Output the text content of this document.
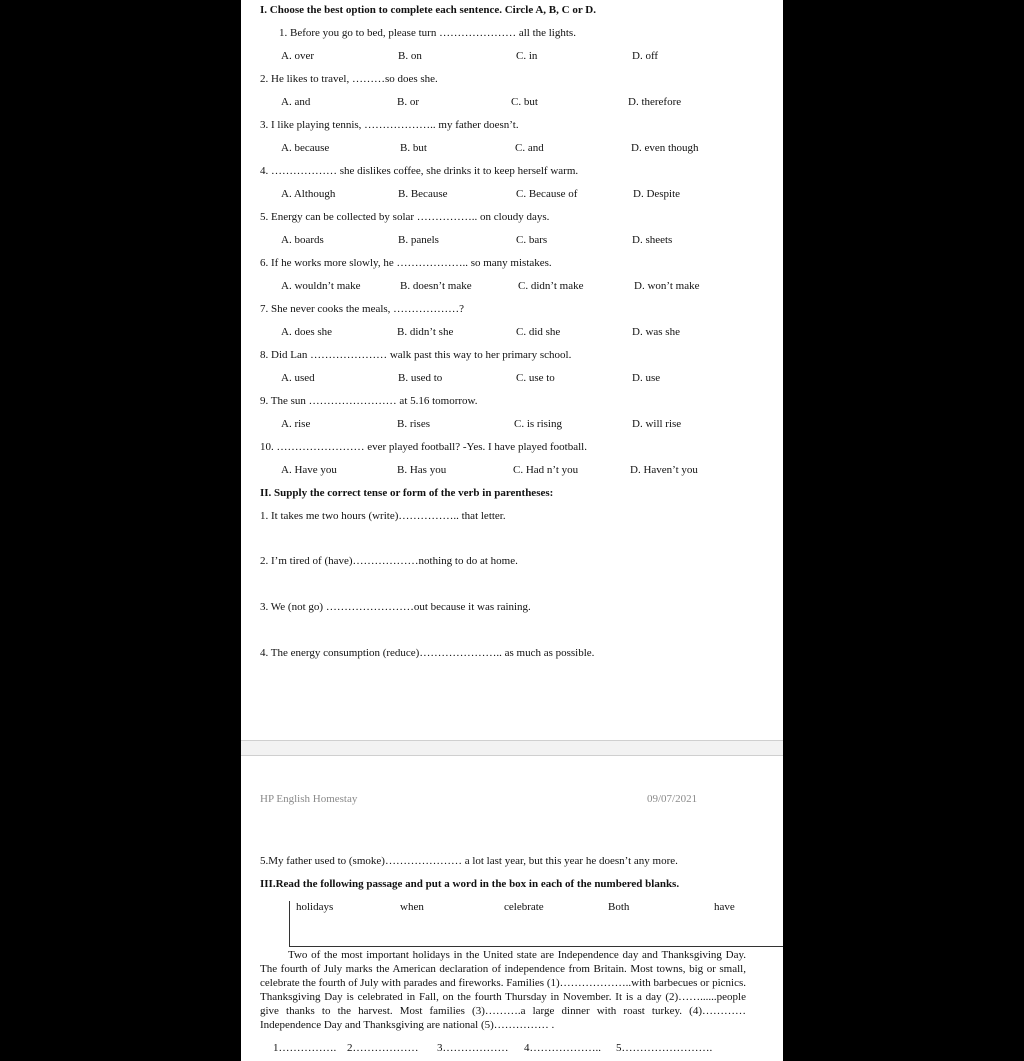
I. Choose the best option to complete each sentence. Circle A, B, C or D.
1. Before you go to bed, please turn ………………… all the lights.
A. over	B. on	C. in	D. off
2. He likes to travel, ………so does she.
A. and	B. or	C. but	D. therefore
3. I like playing tennis, ……………….. my father doesn’t.
A. because	B. but	C. and	D. even though
4. ……………… she dislikes coffee, she drinks it to keep herself warm.
A. Although	B. Because	C. Because of	D. Despite
5. Energy can be collected by solar …………….. on cloudy days.
A. boards	B. panels	C. bars	D. sheets
6. If he works more slowly, he ……………….. so many mistakes.
A. wouldn’t make	B. doesn’t make	C. didn’t make	D. won’t make
7. She never cooks the meals, ………………?
A. does she	B. didn’t she	C. did she	D. was she
8. Did Lan ………………… walk past this way to her primary school.
A. used	B. used to	C. use to	D. use
9. The sun …………………… at 5.16 tomorrow.
A. rise	B. rises	C. is rising	D. will rise
10. …………………… ever played football? -Yes. I have played football.
A. Have you	B. Has you	C. Had n’t you	D. Haven’t you
II. Supply the correct tense or form of the verb in parentheses:
1. It takes me two hours (write)…………….. that letter.
2. I’m tired of (have)………………nothing to do at home.
3. We (not go) ……………………out because it was raining.
4. The energy consumption (reduce)………………….. as much as possible.
HP English Homestay	09/07/2021
5.My father used to (smoke)………………… a lot last year, but this year he doesn’t any more.
III.Read the following passage and put a word in the box in each of the numbered blanks.
holidays	when	celebrate	Both	have
Two of the most important holidays in the United state are Independence day and Thanksgiving Day. The fourth of July marks the American declaration of independence from Britain. Most towns, big or small, celebrate the fourth of July with parades and fireworks. Families (1)………………..with barbecues or picnics. Thanksgiving Day is celebrated in Fall, on the fourth Thursday in November. It is a day (2)……......people give thanks to the harvest. Most families (3)……….a large dinner with roast turkey. (4)…………Independence Day and Thanksgiving are national (5)…………… .
1……………. 2……………… 3……………… 4……………….. 5…………………….
